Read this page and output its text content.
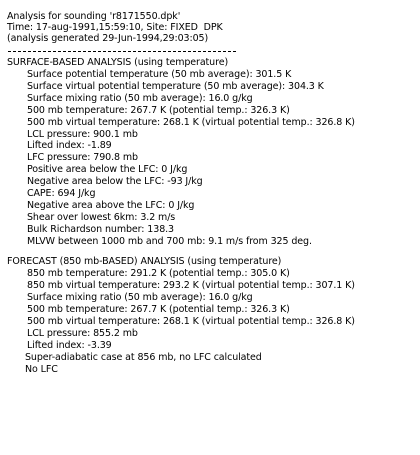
Analysis for sounding 'r8171550.dpk'
Time: 17-aug-1991,15:59:10, Site: FIXED  DPK
(analysis generated 29-Jun-1994,29:03:05)
SURFACE-BASED ANALYSIS (using temperature)
Surface potential temperature (50 mb average): 301.5 K
Surface virtual potential temperature (50 mb average): 304.3 K
Surface mixing ratio (50 mb average): 16.0 g/kg
500 mb temperature: 267.7 K (potential temp.: 326.3 K)
500 mb virtual temperature: 268.1 K (virtual potential temp.: 326.8 K)
LCL pressure: 900.1 mb
Lifted index: -1.89
LFC pressure: 790.8 mb
Positive area below the LFC: 0 J/kg
Negative area below the LFC: -93 J/kg
CAPE: 694 J/kg
Negative area above the LFC: 0 J/kg
Shear over lowest 6km: 3.2 m/s
Bulk Richardson number: 138.3
MLVW between 1000 mb and 700 mb: 9.1 m/s from 325 deg.
FORECAST (850 mb-BASED) ANALYSIS (using temperature)
850 mb temperature: 291.2 K (potential temp.: 305.0 K)
850 mb virtual temperature: 293.2 K (virtual potential temp.: 307.1 K)
Surface mixing ratio (50 mb average): 16.0 g/kg
500 mb temperature: 267.7 K (potential temp.: 326.3 K)
500 mb virtual temperature: 268.1 K (virtual potential temp.: 326.8 K)
LCL pressure: 855.2 mb
Lifted index: -3.39
Super-adiabatic case at 856 mb, no LFC calculated
No LFC
